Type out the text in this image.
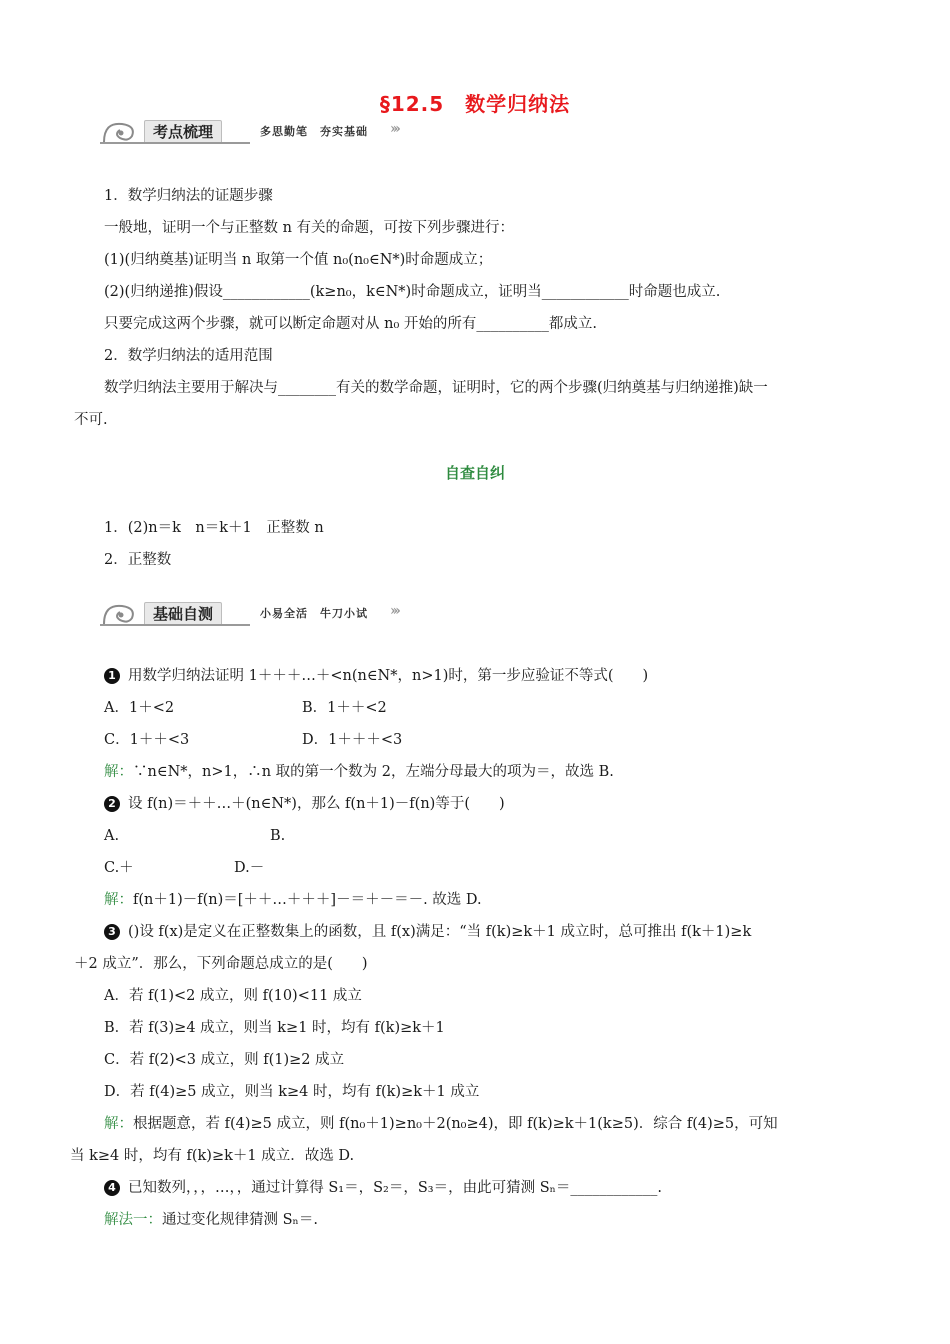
§12.5　数学归纳法
考点梳理	多思勤笔　夯实基础 ›››
1．数学归纳法的证题步骤
一般地，证明一个与正整数 n 有关的命题，可按下列步骤进行：
(1)(归纳奠基)证明当 n 取第一个值 n₀(n₀∈N*)时命题成立；
(2)(归纳递推)假设____________(k≥n₀，k∈N*)时命题成立，证明当____________时命题也成立.
只要完成这两个步骤，就可以断定命题对从 n₀ 开始的所有__________都成立.
2．数学归纳法的适用范围
数学归纳法主要用于解决与________有关的数学命题，证明时，它的两个步骤(归纳奠基与归纳递推)缺一
不可.
自查自纠
1．(2)n＝k　n＝k＋1　正整数 n
2．正整数
基础自测	小易全活　牛刀小试 ›››
1 用数学归纳法证明 1＋＋＋…＋<n(n∈N*，n>1)时，第一步应验证不等式(　　)
A．1＋<2	B．1＋＋<2
C．1＋＋<3	D．1＋＋＋<3
解：∵n∈N*，n>1，∴n 取的第一个数为 2，左端分母最大的项为＝，故选 B.
2 设 f(n)＝＋＋…＋(n∈N*)，那么 f(n＋1)－f(n)等于(　　)
A.	B.
C.＋	D.－
解：f(n＋1)－f(n)＝[＋＋…＋＋＋]－＝＋－＝－. 故选 D.
3 ()设 f(x)是定义在正整数集上的函数，且 f(x)满足：“当 f(k)≥k＋1 成立时，总可推出 f(k＋1)≥k
＋2 成立”．那么，下列命题总成立的是(　　)
A．若 f(1)<2 成立，则 f(10)<11 成立
B．若 f(3)≥4 成立，则当 k≥1 时，均有 f(k)≥k＋1
C．若 f(2)<3 成立，则 f(1)≥2 成立
D．若 f(4)≥5 成立，则当 k≥4 时，均有 f(k)≥k＋1 成立
解：根据题意，若 f(4)≥5 成立，则 f(n₀＋1)≥n₀＋2(n₀≥4)，即 f(k)≥k＋1(k≥5)．综合 f(4)≥5，可知
当 k≥4 时，均有 f(k)≥k＋1 成立．故选 D.
4 已知数列，，，…，，通过计算得 S₁＝，S₂＝，S₃＝，由此可猜测 Sₙ＝____________.
解法一：通过变化规律猜测 Sₙ＝.
